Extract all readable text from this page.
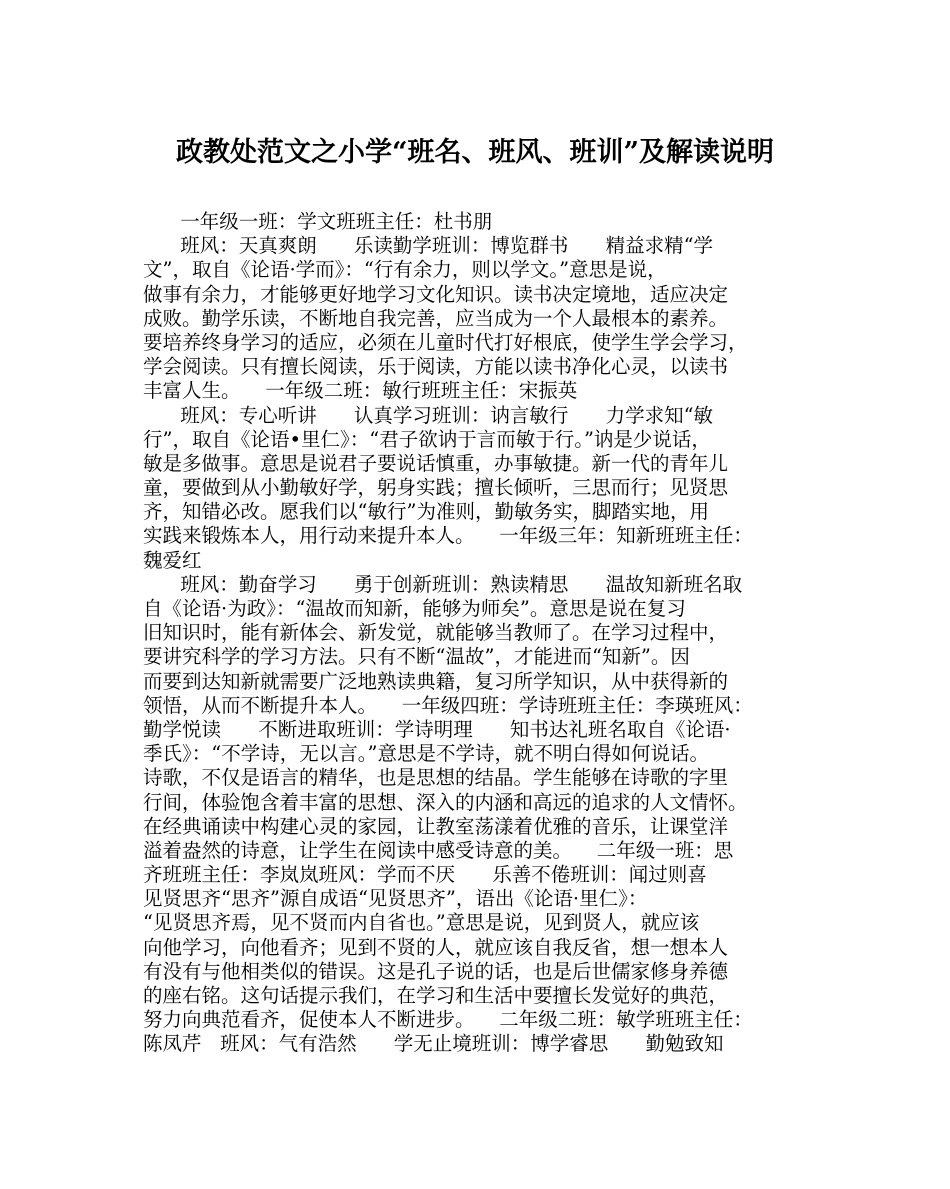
政教处范文之小学“班名、班风、班训”及解读说明
一年级一班：学文班班主任：杜书朋
班风：天真爽朗      乐读勤学班训：博览群书      精益求精“学
文”，取自《论语·学而》：“行有余力，则以学文。”意思是说，
做事有余力，才能够更好地学习文化知识。读书决定境地，适应决定
成败。勤学乐读，不断地自我完善，应当成为一个人最根本的素养。
要培养终身学习的适应，必须在儿童时代打好根底，使学生学会学习，
学会阅读。只有擅长阅读，乐于阅读，方能以读书净化心灵，以读书
丰富人生。    一年级二班：敏行班班主任：宋振英
班风：专心听讲      认真学习班训：讷言敏行      力学求知“敏
行”，取自《论语•里仁》：“君子欲讷于言而敏于行。”讷是少说话，
敏是多做事。意思是说君子要说话慎重，办事敏捷。新一代的青年儿
童，要做到从小勤敏好学，躬身实践；擅长倾听，三思而行；见贤思
齐，知错必改。愿我们以“敏行”为准则，勤敏务实，脚踏实地，用
实践来锻炼本人，用行动来提升本人。    一年级三年：知新班班主任：
魏爱红
班风：勤奋学习      勇于创新班训：熟读精思      温故知新班名取
自《论语·为政》：“温故而知新，能够为师矣”。意思是说在复习
旧知识时，能有新体会、新发觉，就能够当教师了。在学习过程中，
要讲究科学的学习方法。只有不断“温故”，才能进而“知新”。因
而要到达知新就需要广泛地熟读典籍，复习所学知识，从中获得新的
领悟，从而不断提升本人。    一年级四班：学诗班班主任：李瑛班风：
勤学悦读      不断进取班训：学诗明理      知书达礼班名取自《论语·
季氏》：“不学诗，无以言。”意思是不学诗，就不明白得如何说话。
诗歌，不仅是语言的精华，也是思想的结晶。学生能够在诗歌的字里
行间，体验饱含着丰富的思想、深入的内涵和高远的追求的人文情怀。
在经典诵读中构建心灵的家园，让教室荡漾着优雅的音乐，让课堂洋
溢着盎然的诗意，让学生在阅读中感受诗意的美。    二年级一班：思
齐班班主任：李岚岚班风：学而不厌      乐善不倦班训：闻过则喜
见贤思齐“思齐”源自成语“见贤思齐”，语出《论语·里仁》：
“见贤思齐焉，见不贤而内自省也。”意思是说，见到贤人，就应该
向他学习，向他看齐；见到不贤的人，就应该自我反省，想一想本人
有没有与他相类似的错误。这是孔子说的话，也是后世儒家修身养德
的座右铭。这句话提示我们，在学习和生活中要擅长发觉好的典范，
努力向典范看齐，促使本人不断进步。    二年级二班：敏学班班主任：
陈凤芹   班风：气有浩然      学无止境班训：博学睿思      勤勉致知
